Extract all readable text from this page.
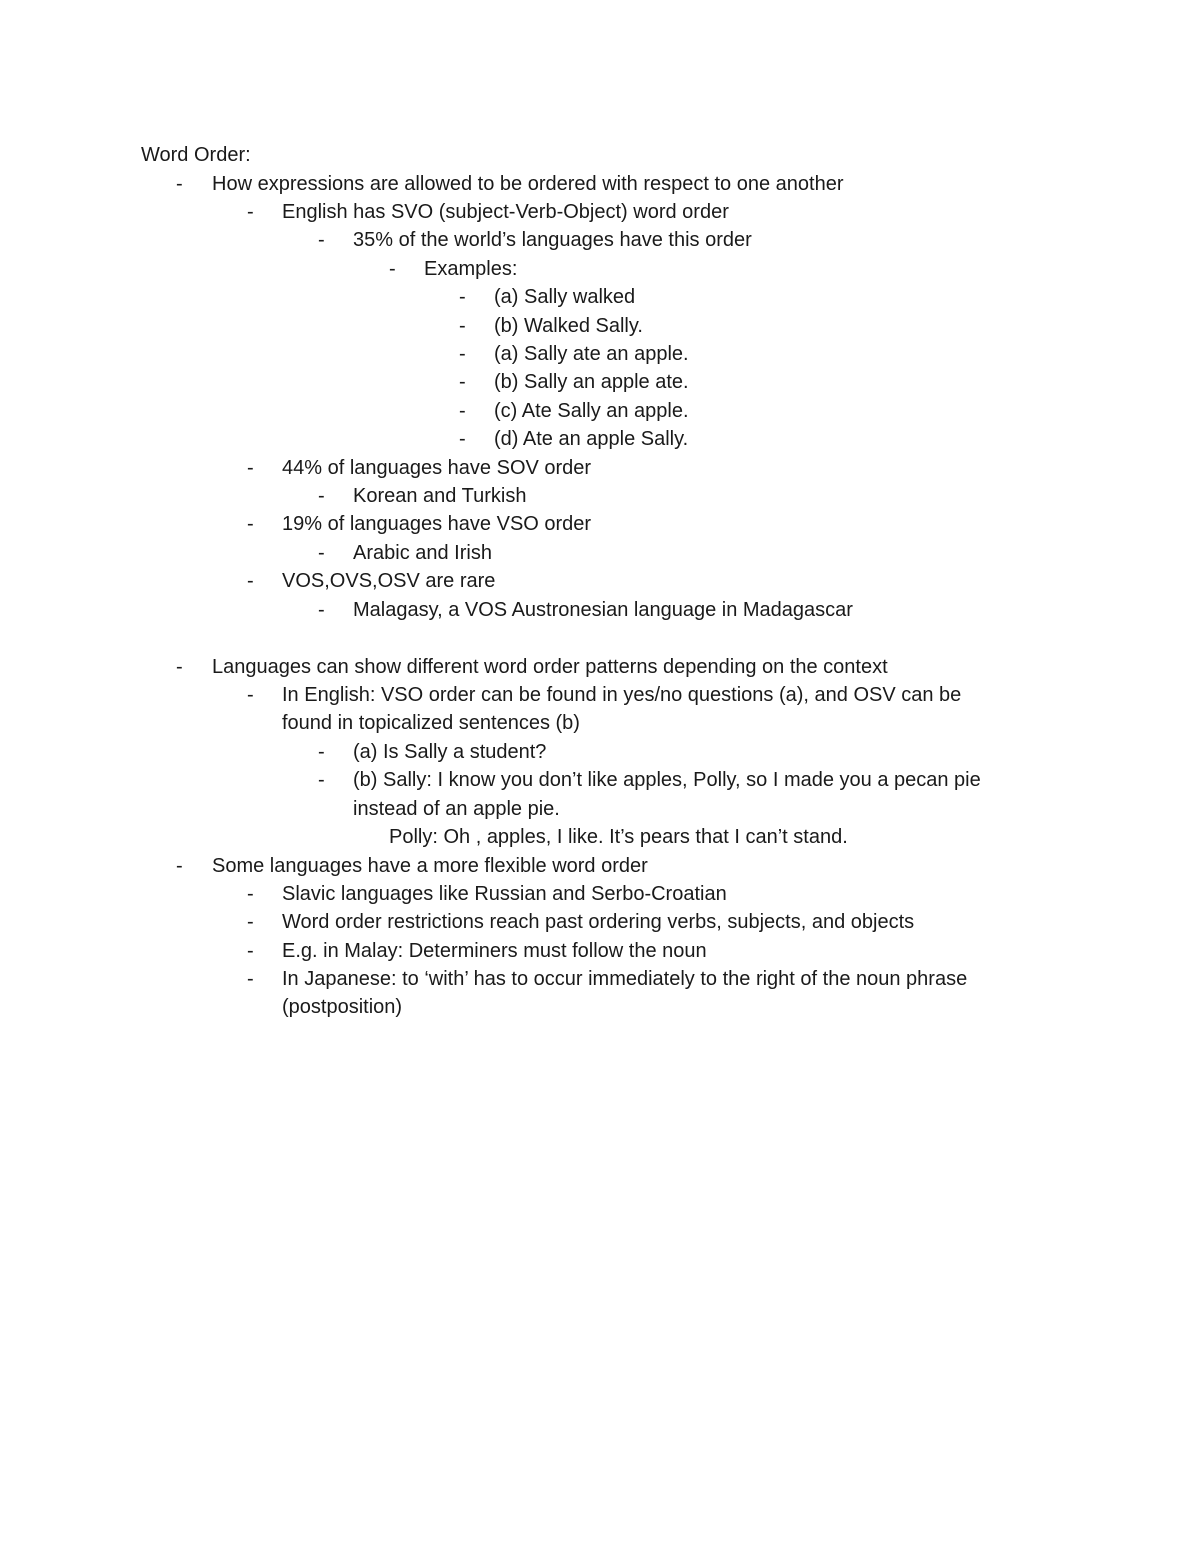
Word Order:
- How expressions are allowed to be ordered with respect to one another
- English has SVO (subject-Verb-Object) word order
- 35% of the world’s languages have this order
- Examples:
- (a) Sally walked
- (b) Walked Sally.
- (a) Sally ate an apple.
- (b) Sally an apple ate.
- (c) Ate Sally an apple.
- (d) Ate an apple Sally.
- 44% of languages have SOV order
- Korean and Turkish
- 19% of languages have VSO order
- Arabic and Irish
- VOS,OVS,OSV are rare
- Malagasy, a VOS Austronesian language in Madagascar
- Languages can show different word order patterns depending on the context
- In English: VSO order can be found in yes/no questions (a), and OSV can be
found in topicalized sentences (b)
- (a) Is Sally a student?
- (b) Sally: I know you don’t like apples, Polly, so I made you a pecan pie
instead of an apple pie.
Polly: Oh , apples, I like. It’s pears that I can’t stand.
- Some languages have a more flexible word order
- Slavic languages like Russian and Serbo-Croatian
- Word order restrictions reach past ordering verbs, subjects, and objects
- E.g. in Malay: Determiners must follow the noun
- In Japanese: to ‘with’ has to occur immediately to the right of the noun phrase
(postposition)
